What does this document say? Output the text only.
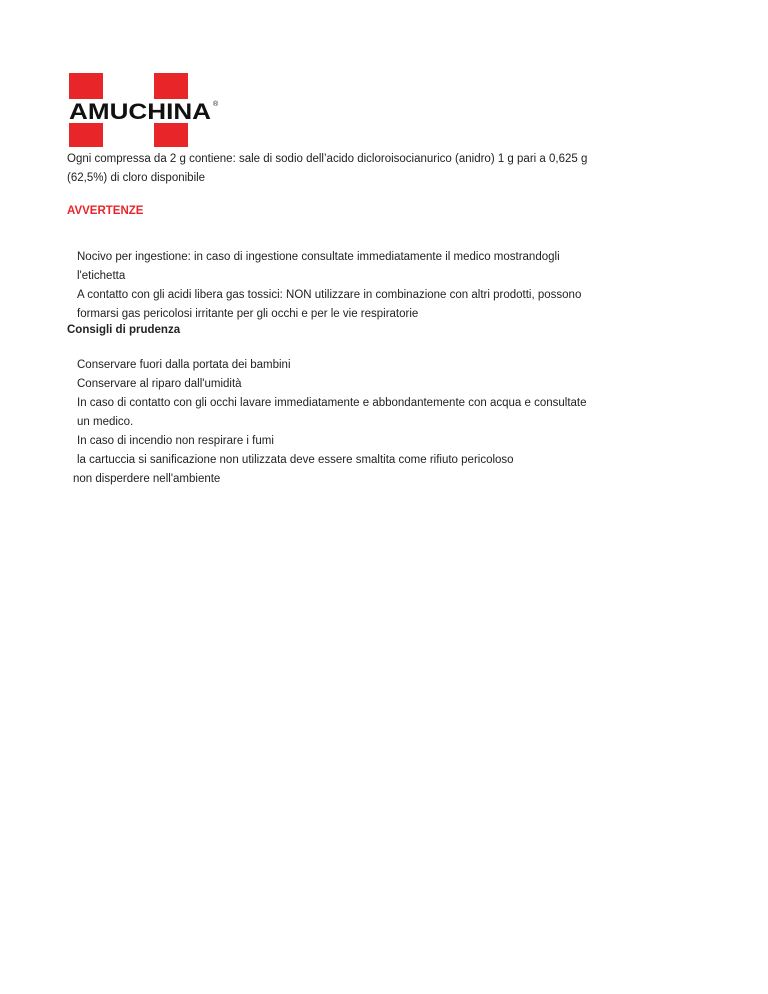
AMUCHINA ®

Ogni compressa da 2 g contiene: sale di sodio dell’acido dicloroisocianurico (anidro) 1 g pari a 0,625 g
(62,5%) di cloro disponibile

AVVERTENZE

Nocivo per ingestione: in caso di ingestione consultate immediatamente il medico mostrandogli
l'etichetta
A contatto con gli acidi libera gas tossici: NON utilizzare in combinazione con altri prodotti, possono
formarsi gas pericolosi irritante per gli occhi e per le vie respiratorie

Consigli di prudenza

Conservare fuori dalla portata dei bambini
Conservare al riparo dall'umidità
In caso di contatto con gli occhi lavare immediatamente e abbondantemente con acqua e consultate
un medico.
In caso di incendio non respirare i fumi
la cartuccia si sanificazione non utilizzata deve essere smaltita come rifiuto pericoloso
non disperdere nell'ambiente
